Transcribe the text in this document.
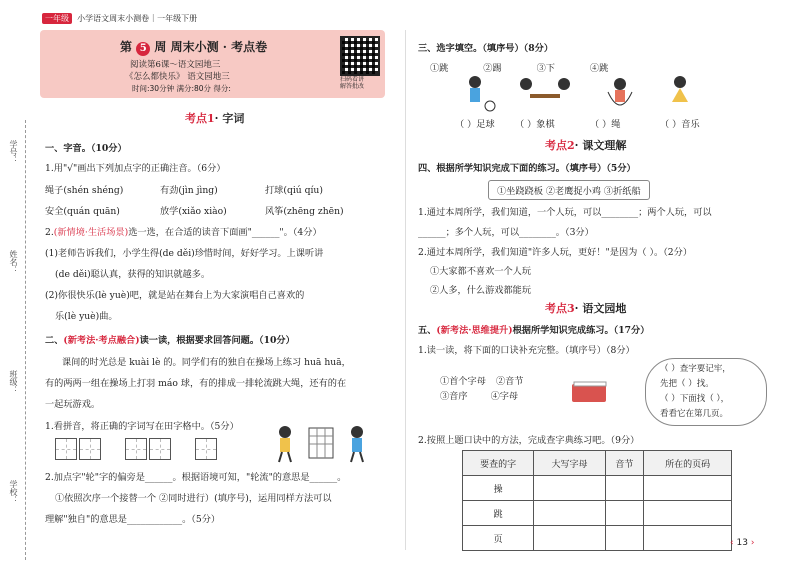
一年级 小学语文周末小测卷｜一年级下册
学校：
班级：
姓名：
学号：
第 5 周 周末小测 · 考点卷
阅读第6课～语文园地三
《怎么都快乐》 语文园地三
时间:30分钟 满分:80分 得分:
扫码看讲
解答批改
考点1· 字词
一、字音。（10分）
1.用"√"画出下列加点字的正确注音。（6分）
绳子(shén shéng)	有劲(jìn jìng)	打球(qiú qíu)
安全(quán quān)	放学(xiǎo xiào)	风筝(zhēng zhēn)
2.(新情境·生活场景)选一选，在合适的读音下面画"______"。（4分）
(1)老师告诉我们，小学生得(de děi)珍惜时间，好好学习。上课听讲
(de děi)聪认真，获得的知识就越多。
(2)你很快乐(lè yuè)吧，就是站在舞台上为大家演唱自己喜欢的
乐(lè yuè)曲。
二、(新考法·考点融合)读一读，根据要求回答问题。（10分）
课间的时光总是 kuài lè 的。同学们有的独自在操场上练习 huā huā，
有的两两一组在操场上打羽 máo 球，有的排成一排轮流跳大绳，还有的在
一起玩游戏。
1.看拼音，将正确的字词写在田字格中。（5分）
2.加点字"轮"字的偏旁是______。根据语境可知，"轮流"的意思是______。
①依照次序一个接替一个 ②同时进行）(填序号)，运用同样方法可以
理解"独自"的意思是____________。（5分）
三、选字填空。（填序号）（8分）
①跳	②踢	③下	④跳
（ ）足球 （ ）象棋	（ ）绳	（ ）音乐
考点2· 课文理解
四、根据所学知识完成下面的练习。（填序号）（5分）
①坐跷跷板 ②老鹰捉小鸡 ③折纸船
1.通过本周所学，我们知道，一个人玩，可以________；两个人玩，可以
______；多个人玩，可以________。（3分）
2.通过本周所学，我们知道"许多人玩，更好！"是因为（ ）。（2分）
①大家都不喜欢一个人玩
②人多，什么游戏都能玩
考点3· 语文园地
五、(新考法·思维提升)根据所学知识完成练习。（17分）
1.读一读，将下面的口诀补充完整。（填序号）（8分）
①首个字母 ②音节
③音序	④字母
（ ）查字要记牢，
先把（ ）找。
（ ）下面找（ ），
看看它在第几页。
2.按照上题口诀中的方法，完成查字典练习吧。（9分）
要查的字	大写字母	音节	所在的页码
操			
跳			
页				‹ 13 ›
